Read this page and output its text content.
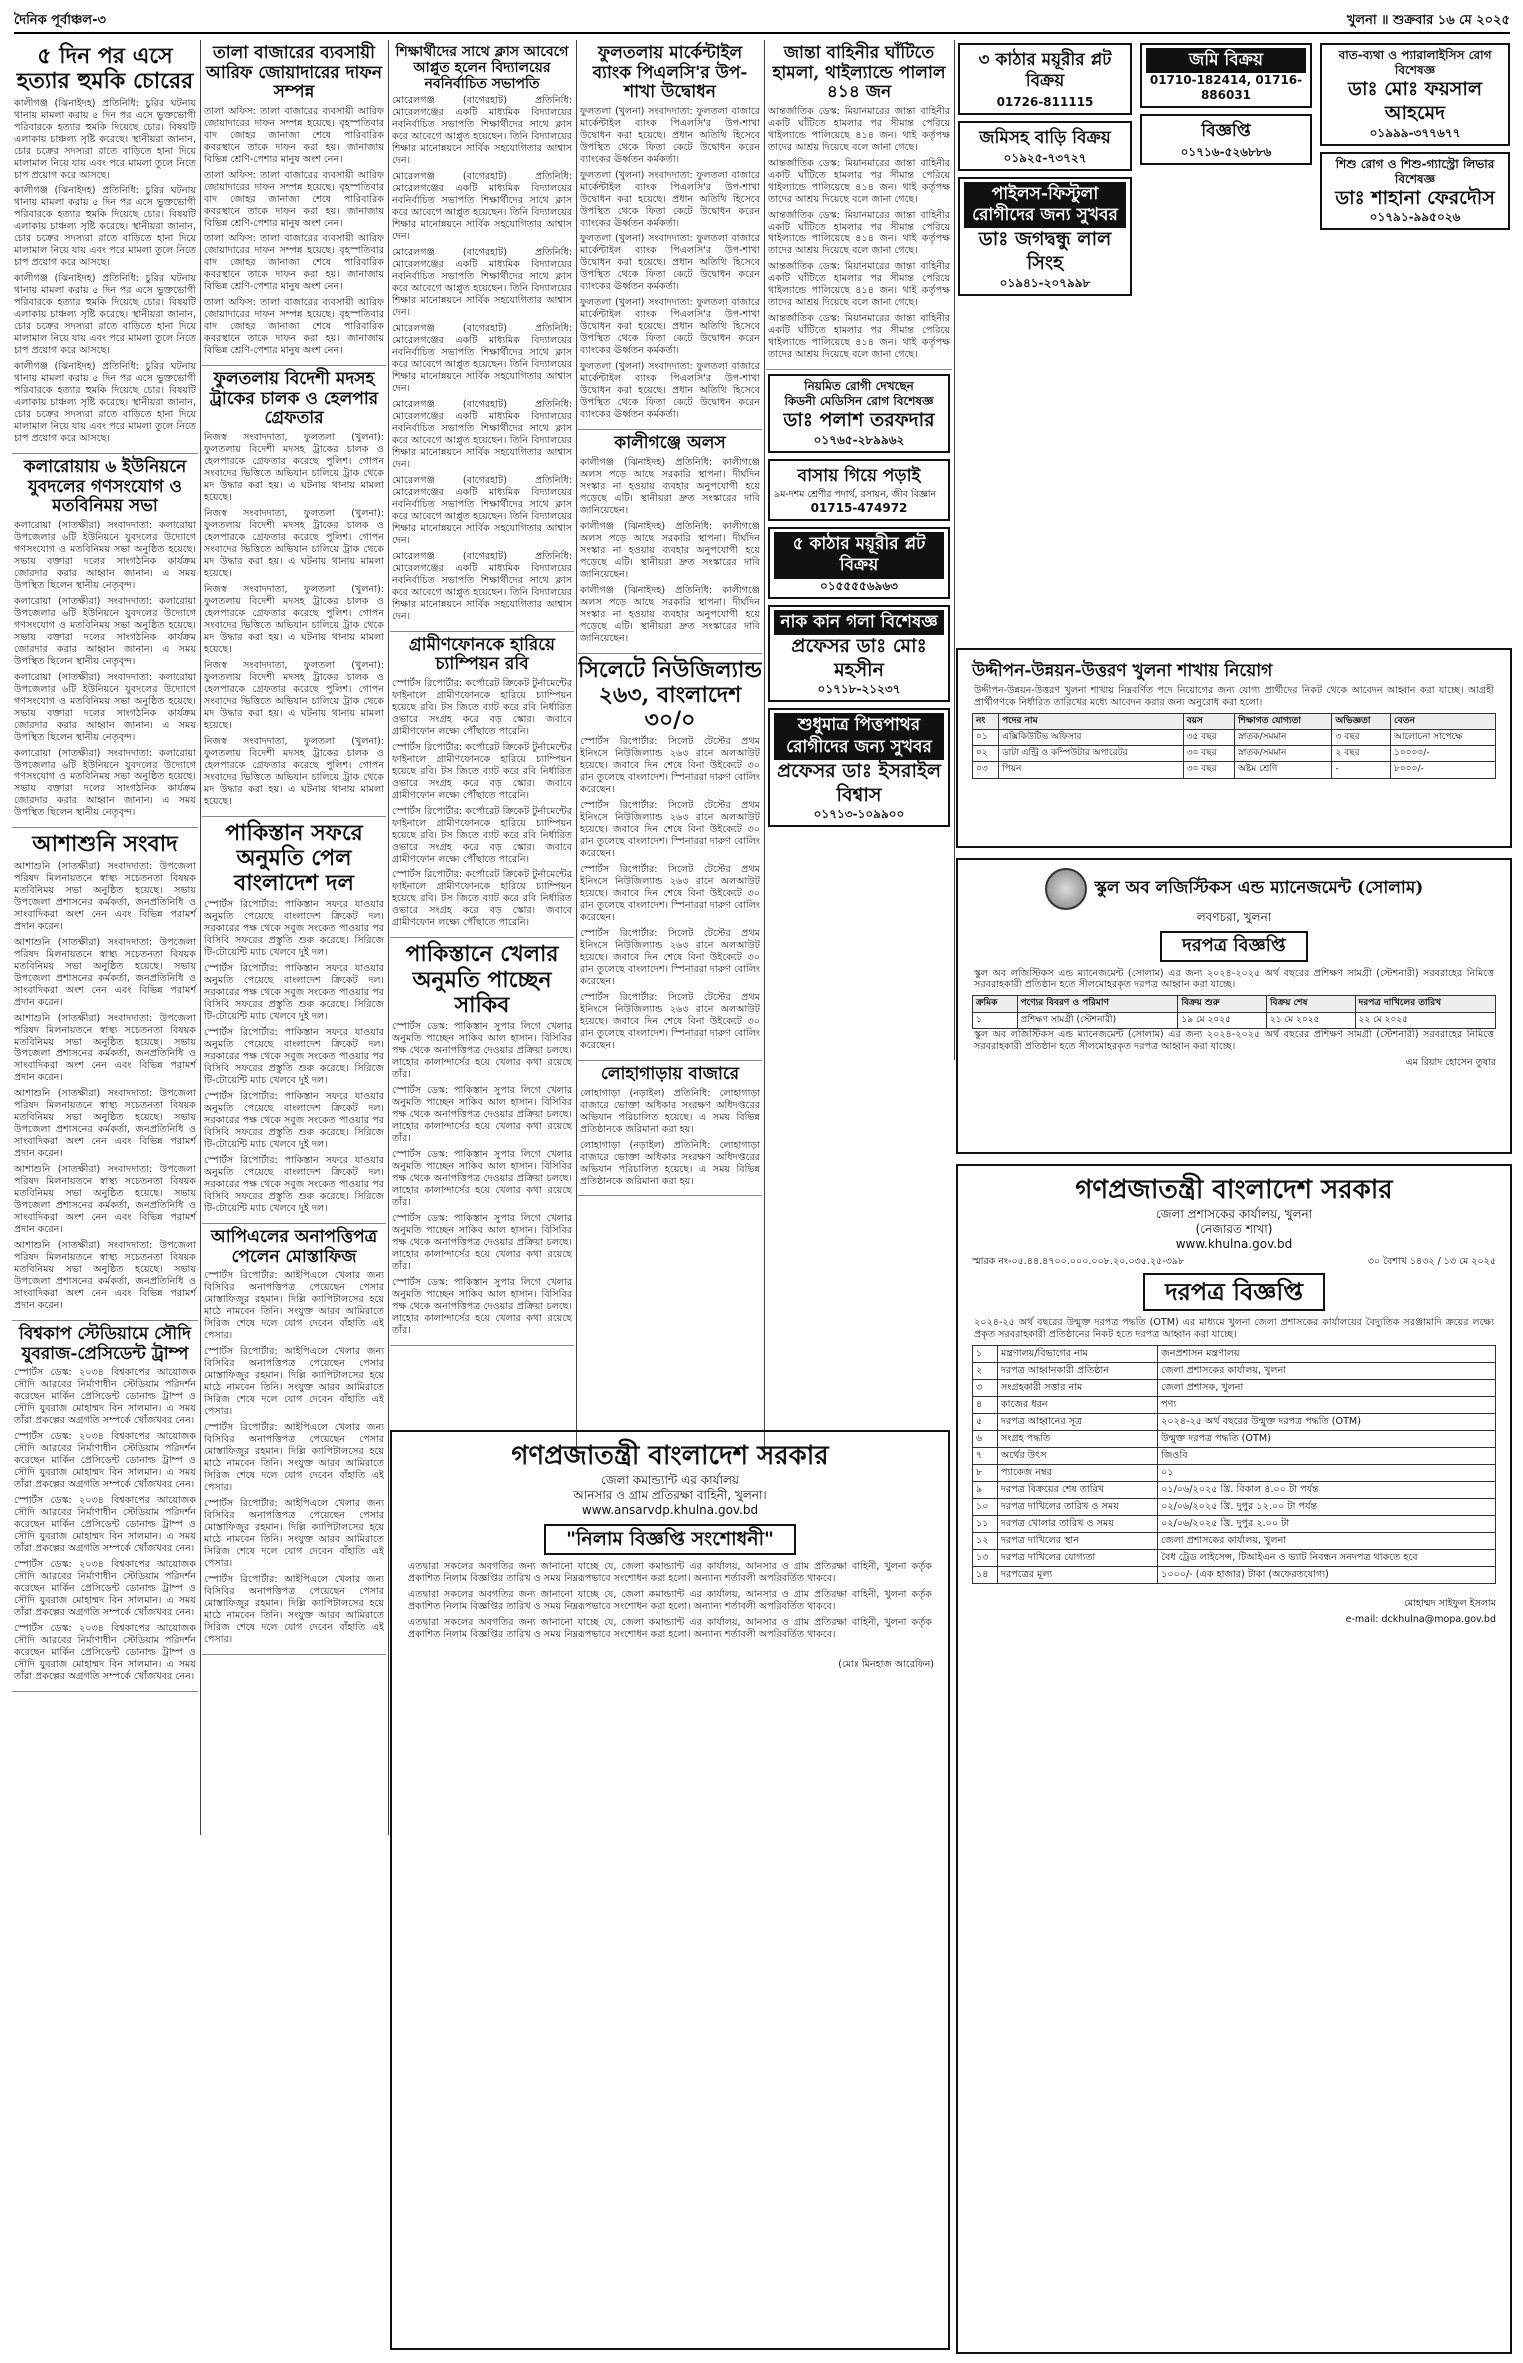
দৈনিক পূর্বাঞ্চল-৩	খুলনা ॥ শুক্রবার ১৬ মে ২০২৫
৫ দিন পর এসে হত্যার হুমকি চোরের

কালীগঞ্জ (ঝিনাইদহ) প্রতিনিধি: চুরির ঘটনায় থানায় মামলা করায় ৫ দিন পর এসে ভুক্তভোগী পরিবারকে হত্যার হুমকি দিয়েছে চোর। বিষয়টি এলাকায় চাঞ্চল্য সৃষ্টি করেছে। স্থানীয়রা জানান, চোর চক্রের সদস্যরা রাতে বাড়িতে হানা দিয়ে মালামাল নিয়ে যায় এবং পরে মামলা তুলে নিতে চাপ প্রয়োগ করে আসছে।

কালীগঞ্জ (ঝিনাইদহ) প্রতিনিধি: চুরির ঘটনায় থানায় মামলা করায় ৫ দিন পর এসে ভুক্তভোগী পরিবারকে হত্যার হুমকি দিয়েছে চোর। বিষয়টি এলাকায় চাঞ্চল্য সৃষ্টি করেছে। স্থানীয়রা জানান, চোর চক্রের সদস্যরা রাতে বাড়িতে হানা দিয়ে মালামাল নিয়ে যায় এবং পরে মামলা তুলে নিতে চাপ প্রয়োগ করে আসছে।

কালীগঞ্জ (ঝিনাইদহ) প্রতিনিধি: চুরির ঘটনায় থানায় মামলা করায় ৫ দিন পর এসে ভুক্তভোগী পরিবারকে হত্যার হুমকি দিয়েছে চোর। বিষয়টি এলাকায় চাঞ্চল্য সৃষ্টি করেছে। স্থানীয়রা জানান, চোর চক্রের সদস্যরা রাতে বাড়িতে হানা দিয়ে মালামাল নিয়ে যায় এবং পরে মামলা তুলে নিতে চাপ প্রয়োগ করে আসছে।

কালীগঞ্জ (ঝিনাইদহ) প্রতিনিধি: চুরির ঘটনায় থানায় মামলা করায় ৫ দিন পর এসে ভুক্তভোগী পরিবারকে হত্যার হুমকি দিয়েছে চোর। বিষয়টি এলাকায় চাঞ্চল্য সৃষ্টি করেছে। স্থানীয়রা জানান, চোর চক্রের সদস্যরা রাতে বাড়িতে হানা দিয়ে মালামাল নিয়ে যায় এবং পরে মামলা তুলে নিতে চাপ প্রয়োগ করে আসছে।

কলারোয়ায় ৬ ইউনিয়নে যুবদলের গণসংযোগ ও মতবিনিময় সভা

কলারোয়া (সাতক্ষীরা) সংবাদদাতা: কলারোয়া উপজেলার ৬টি ইউনিয়নে যুবদলের উদ্যোগে গণসংযোগ ও মতবিনিময় সভা অনুষ্ঠিত হয়েছে। সভায় বক্তারা দলের সাংগঠনিক কার্যক্রম জোরদার করার আহ্বান জানান। এ সময় উপস্থিত ছিলেন স্থানীয় নেতৃবৃন্দ।

কলারোয়া (সাতক্ষীরা) সংবাদদাতা: কলারোয়া উপজেলার ৬টি ইউনিয়নে যুবদলের উদ্যোগে গণসংযোগ ও মতবিনিময় সভা অনুষ্ঠিত হয়েছে। সভায় বক্তারা দলের সাংগঠনিক কার্যক্রম জোরদার করার আহ্বান জানান। এ সময় উপস্থিত ছিলেন স্থানীয় নেতৃবৃন্দ।

কলারোয়া (সাতক্ষীরা) সংবাদদাতা: কলারোয়া উপজেলার ৬টি ইউনিয়নে যুবদলের উদ্যোগে গণসংযোগ ও মতবিনিময় সভা অনুষ্ঠিত হয়েছে। সভায় বক্তারা দলের সাংগঠনিক কার্যক্রম জোরদার করার আহ্বান জানান। এ সময় উপস্থিত ছিলেন স্থানীয় নেতৃবৃন্দ।

কলারোয়া (সাতক্ষীরা) সংবাদদাতা: কলারোয়া উপজেলার ৬টি ইউনিয়নে যুবদলের উদ্যোগে গণসংযোগ ও মতবিনিময় সভা অনুষ্ঠিত হয়েছে। সভায় বক্তারা দলের সাংগঠনিক কার্যক্রম জোরদার করার আহ্বান জানান। এ সময় উপস্থিত ছিলেন স্থানীয় নেতৃবৃন্দ।

আশাশুনি সংবাদ

আশাশুনি (সাতক্ষীরা) সংবাদদাতা: উপজেলা পরিষদ মিলনায়তনে স্বাস্থ্য সচেতনতা বিষয়ক মতবিনিময় সভা অনুষ্ঠিত হয়েছে। সভায় উপজেলা প্রশাসনের কর্মকর্তা, জনপ্রতিনিধি ও সাংবাদিকরা অংশ নেন এবং বিভিন্ন পরামর্শ প্রদান করেন।

আশাশুনি (সাতক্ষীরা) সংবাদদাতা: উপজেলা পরিষদ মিলনায়তনে স্বাস্থ্য সচেতনতা বিষয়ক মতবিনিময় সভা অনুষ্ঠিত হয়েছে। সভায় উপজেলা প্রশাসনের কর্মকর্তা, জনপ্রতিনিধি ও সাংবাদিকরা অংশ নেন এবং বিভিন্ন পরামর্শ প্রদান করেন।

আশাশুনি (সাতক্ষীরা) সংবাদদাতা: উপজেলা পরিষদ মিলনায়তনে স্বাস্থ্য সচেতনতা বিষয়ক মতবিনিময় সভা অনুষ্ঠিত হয়েছে। সভায় উপজেলা প্রশাসনের কর্মকর্তা, জনপ্রতিনিধি ও সাংবাদিকরা অংশ নেন এবং বিভিন্ন পরামর্শ প্রদান করেন।

আশাশুনি (সাতক্ষীরা) সংবাদদাতা: উপজেলা পরিষদ মিলনায়তনে স্বাস্থ্য সচেতনতা বিষয়ক মতবিনিময় সভা অনুষ্ঠিত হয়েছে। সভায় উপজেলা প্রশাসনের কর্মকর্তা, জনপ্রতিনিধি ও সাংবাদিকরা অংশ নেন এবং বিভিন্ন পরামর্শ প্রদান করেন।

আশাশুনি (সাতক্ষীরা) সংবাদদাতা: উপজেলা পরিষদ মিলনায়তনে স্বাস্থ্য সচেতনতা বিষয়ক মতবিনিময় সভা অনুষ্ঠিত হয়েছে। সভায় উপজেলা প্রশাসনের কর্মকর্তা, জনপ্রতিনিধি ও সাংবাদিকরা অংশ নেন এবং বিভিন্ন পরামর্শ প্রদান করেন।

আশাশুনি (সাতক্ষীরা) সংবাদদাতা: উপজেলা পরিষদ মিলনায়তনে স্বাস্থ্য সচেতনতা বিষয়ক মতবিনিময় সভা অনুষ্ঠিত হয়েছে। সভায় উপজেলা প্রশাসনের কর্মকর্তা, জনপ্রতিনিধি ও সাংবাদিকরা অংশ নেন এবং বিভিন্ন পরামর্শ প্রদান করেন।

বিশ্বকাপ স্টেডিয়ামে সৌদি যুবরাজ-প্রেসিডেন্ট ট্রাম্প

স্পোর্টস ডেস্ক: ২০৩৪ বিশ্বকাপের আয়োজক সৌদি আরবের নির্মাণাধীন স্টেডিয়াম পরিদর্শন করেছেন মার্কিন প্রেসিডেন্ট ডোনাল্ড ট্রাম্প ও সৌদি যুবরাজ মোহাম্মদ বিন সালমান। এ সময় তাঁরা প্রকল্পের অগ্রগতি সম্পর্কে খোঁজখবর নেন।

স্পোর্টস ডেস্ক: ২০৩৪ বিশ্বকাপের আয়োজক সৌদি আরবের নির্মাণাধীন স্টেডিয়াম পরিদর্শন করেছেন মার্কিন প্রেসিডেন্ট ডোনাল্ড ট্রাম্প ও সৌদি যুবরাজ মোহাম্মদ বিন সালমান। এ সময় তাঁরা প্রকল্পের অগ্রগতি সম্পর্কে খোঁজখবর নেন।

স্পোর্টস ডেস্ক: ২০৩৪ বিশ্বকাপের আয়োজক সৌদি আরবের নির্মাণাধীন স্টেডিয়াম পরিদর্শন করেছেন মার্কিন প্রেসিডেন্ট ডোনাল্ড ট্রাম্প ও সৌদি যুবরাজ মোহাম্মদ বিন সালমান। এ সময় তাঁরা প্রকল্পের অগ্রগতি সম্পর্কে খোঁজখবর নেন।

স্পোর্টস ডেস্ক: ২০৩৪ বিশ্বকাপের আয়োজক সৌদি আরবের নির্মাণাধীন স্টেডিয়াম পরিদর্শন করেছেন মার্কিন প্রেসিডেন্ট ডোনাল্ড ট্রাম্প ও সৌদি যুবরাজ মোহাম্মদ বিন সালমান। এ সময় তাঁরা প্রকল্পের অগ্রগতি সম্পর্কে খোঁজখবর নেন।

স্পোর্টস ডেস্ক: ২০৩৪ বিশ্বকাপের আয়োজক সৌদি আরবের নির্মাণাধীন স্টেডিয়াম পরিদর্শন করেছেন মার্কিন প্রেসিডেন্ট ডোনাল্ড ট্রাম্প ও সৌদি যুবরাজ মোহাম্মদ বিন সালমান। এ সময় তাঁরা প্রকল্পের অগ্রগতি সম্পর্কে খোঁজখবর নেন।

তালা বাজারের ব্যবসায়ী আরিফ জোয়াদারের দাফন সম্পন্ন

তালা অফিস: তালা বাজারের ব্যবসায়ী আরিফ জোয়াদারের দাফন সম্পন্ন হয়েছে। বৃহস্পতিবার বাদ জোহর জানাজা শেষে পারিবারিক কবরস্থানে তাকে দাফন করা হয়। জানাজায় বিভিন্ন শ্রেণি-পেশার মানুষ অংশ নেন।

তালা অফিস: তালা বাজারের ব্যবসায়ী আরিফ জোয়াদারের দাফন সম্পন্ন হয়েছে। বৃহস্পতিবার বাদ জোহর জানাজা শেষে পারিবারিক কবরস্থানে তাকে দাফন করা হয়। জানাজায় বিভিন্ন শ্রেণি-পেশার মানুষ অংশ নেন।

তালা অফিস: তালা বাজারের ব্যবসায়ী আরিফ জোয়াদারের দাফন সম্পন্ন হয়েছে। বৃহস্পতিবার বাদ জোহর জানাজা শেষে পারিবারিক কবরস্থানে তাকে দাফন করা হয়। জানাজায় বিভিন্ন শ্রেণি-পেশার মানুষ অংশ নেন।

তালা অফিস: তালা বাজারের ব্যবসায়ী আরিফ জোয়াদারের দাফন সম্পন্ন হয়েছে। বৃহস্পতিবার বাদ জোহর জানাজা শেষে পারিবারিক কবরস্থানে তাকে দাফন করা হয়। জানাজায় বিভিন্ন শ্রেণি-পেশার মানুষ অংশ নেন।

ফুলতলায় বিদেশী মদসহ ট্রাকের চালক ও হেলপার গ্রেফতার

নিজস্ব সংবাদদাতা, ফুলতলা (খুলনা): ফুলতলায় বিদেশী মদসহ ট্রাকের চালক ও হেলপারকে গ্রেফতার করেছে পুলিশ। গোপন সংবাদের ভিত্তিতে অভিযান চালিয়ে ট্রাক থেকে মদ উদ্ধার করা হয়। এ ঘটনায় থানায় মামলা হয়েছে।

নিজস্ব সংবাদদাতা, ফুলতলা (খুলনা): ফুলতলায় বিদেশী মদসহ ট্রাকের চালক ও হেলপারকে গ্রেফতার করেছে পুলিশ। গোপন সংবাদের ভিত্তিতে অভিযান চালিয়ে ট্রাক থেকে মদ উদ্ধার করা হয়। এ ঘটনায় থানায় মামলা হয়েছে।

নিজস্ব সংবাদদাতা, ফুলতলা (খুলনা): ফুলতলায় বিদেশী মদসহ ট্রাকের চালক ও হেলপারকে গ্রেফতার করেছে পুলিশ। গোপন সংবাদের ভিত্তিতে অভিযান চালিয়ে ট্রাক থেকে মদ উদ্ধার করা হয়। এ ঘটনায় থানায় মামলা হয়েছে।

নিজস্ব সংবাদদাতা, ফুলতলা (খুলনা): ফুলতলায় বিদেশী মদসহ ট্রাকের চালক ও হেলপারকে গ্রেফতার করেছে পুলিশ। গোপন সংবাদের ভিত্তিতে অভিযান চালিয়ে ট্রাক থেকে মদ উদ্ধার করা হয়। এ ঘটনায় থানায় মামলা হয়েছে।

নিজস্ব সংবাদদাতা, ফুলতলা (খুলনা): ফুলতলায় বিদেশী মদসহ ট্রাকের চালক ও হেলপারকে গ্রেফতার করেছে পুলিশ। গোপন সংবাদের ভিত্তিতে অভিযান চালিয়ে ট্রাক থেকে মদ উদ্ধার করা হয়। এ ঘটনায় থানায় মামলা হয়েছে।

পাকিস্তান সফরে অনুমতি পেল বাংলাদেশ দল

স্পোর্টস রিপোর্টার: পাকিস্তান সফরে যাওয়ার অনুমতি পেয়েছে বাংলাদেশ ক্রিকেট দল। সরকারের পক্ষ থেকে সবুজ সংকেত পাওয়ার পর বিসিবি সফরের প্রস্তুতি শুরু করেছে। সিরিজে টি-টোয়েন্টি ম্যাচ খেলবে দুই দল।

স্পোর্টস রিপোর্টার: পাকিস্তান সফরে যাওয়ার অনুমতি পেয়েছে বাংলাদেশ ক্রিকেট দল। সরকারের পক্ষ থেকে সবুজ সংকেত পাওয়ার পর বিসিবি সফরের প্রস্তুতি শুরু করেছে। সিরিজে টি-টোয়েন্টি ম্যাচ খেলবে দুই দল।

স্পোর্টস রিপোর্টার: পাকিস্তান সফরে যাওয়ার অনুমতি পেয়েছে বাংলাদেশ ক্রিকেট দল। সরকারের পক্ষ থেকে সবুজ সংকেত পাওয়ার পর বিসিবি সফরের প্রস্তুতি শুরু করেছে। সিরিজে টি-টোয়েন্টি ম্যাচ খেলবে দুই দল।

স্পোর্টস রিপোর্টার: পাকিস্তান সফরে যাওয়ার অনুমতি পেয়েছে বাংলাদেশ ক্রিকেট দল। সরকারের পক্ষ থেকে সবুজ সংকেত পাওয়ার পর বিসিবি সফরের প্রস্তুতি শুরু করেছে। সিরিজে টি-টোয়েন্টি ম্যাচ খেলবে দুই দল।

স্পোর্টস রিপোর্টার: পাকিস্তান সফরে যাওয়ার অনুমতি পেয়েছে বাংলাদেশ ক্রিকেট দল। সরকারের পক্ষ থেকে সবুজ সংকেত পাওয়ার পর বিসিবি সফরের প্রস্তুতি শুরু করেছে। সিরিজে টি-টোয়েন্টি ম্যাচ খেলবে দুই দল।

আপিএলের অনাপত্তিপত্র পেলেন মোস্তাফিজ

স্পোর্টস রিপোর্টার: আইপিএলে খেলার জন্য বিসিবির অনাপত্তিপত্র পেয়েছেন পেসার মোস্তাফিজুর রহমান। দিল্লি ক্যাপিটালসের হয়ে মাঠে নামবেন তিনি। সংযুক্ত আরব আমিরাতে সিরিজ শেষে দলে যোগ দেবেন বাঁহাতি এই পেসার।

স্পোর্টস রিপোর্টার: আইপিএলে খেলার জন্য বিসিবির অনাপত্তিপত্র পেয়েছেন পেসার মোস্তাফিজুর রহমান। দিল্লি ক্যাপিটালসের হয়ে মাঠে নামবেন তিনি। সংযুক্ত আরব আমিরাতে সিরিজ শেষে দলে যোগ দেবেন বাঁহাতি এই পেসার।

স্পোর্টস রিপোর্টার: আইপিএলে খেলার জন্য বিসিবির অনাপত্তিপত্র পেয়েছেন পেসার মোস্তাফিজুর রহমান। দিল্লি ক্যাপিটালসের হয়ে মাঠে নামবেন তিনি। সংযুক্ত আরব আমিরাতে সিরিজ শেষে দলে যোগ দেবেন বাঁহাতি এই পেসার।

স্পোর্টস রিপোর্টার: আইপিএলে খেলার জন্য বিসিবির অনাপত্তিপত্র পেয়েছেন পেসার মোস্তাফিজুর রহমান। দিল্লি ক্যাপিটালসের হয়ে মাঠে নামবেন তিনি। সংযুক্ত আরব আমিরাতে সিরিজ শেষে দলে যোগ দেবেন বাঁহাতি এই পেসার।

স্পোর্টস রিপোর্টার: আইপিএলে খেলার জন্য বিসিবির অনাপত্তিপত্র পেয়েছেন পেসার মোস্তাফিজুর রহমান। দিল্লি ক্যাপিটালসের হয়ে মাঠে নামবেন তিনি। সংযুক্ত আরব আমিরাতে সিরিজ শেষে দলে যোগ দেবেন বাঁহাতি এই পেসার।

শিক্ষার্থীদের সাথে ক্লাস আবেগে আপ্লুত হলেন বিদ্যালয়ের নবনির্বাচিত সভাপতি

মোরেলগঞ্জ (বাগেরহাট) প্রতিনিধি: মোরেলগঞ্জের একটি মাধ্যমিক বিদ্যালয়ের নবনির্বাচিত সভাপতি শিক্ষার্থীদের সাথে ক্লাস করে আবেগে আপ্লুত হয়েছেন। তিনি বিদ্যালয়ের শিক্ষার মানোন্নয়নে সার্বিক সহযোগিতার আশ্বাস দেন।

মোরেলগঞ্জ (বাগেরহাট) প্রতিনিধি: মোরেলগঞ্জের একটি মাধ্যমিক বিদ্যালয়ের নবনির্বাচিত সভাপতি শিক্ষার্থীদের সাথে ক্লাস করে আবেগে আপ্লুত হয়েছেন। তিনি বিদ্যালয়ের শিক্ষার মানোন্নয়নে সার্বিক সহযোগিতার আশ্বাস দেন।

মোরেলগঞ্জ (বাগেরহাট) প্রতিনিধি: মোরেলগঞ্জের একটি মাধ্যমিক বিদ্যালয়ের নবনির্বাচিত সভাপতি শিক্ষার্থীদের সাথে ক্লাস করে আবেগে আপ্লুত হয়েছেন। তিনি বিদ্যালয়ের শিক্ষার মানোন্নয়নে সার্বিক সহযোগিতার আশ্বাস দেন।

মোরেলগঞ্জ (বাগেরহাট) প্রতিনিধি: মোরেলগঞ্জের একটি মাধ্যমিক বিদ্যালয়ের নবনির্বাচিত সভাপতি শিক্ষার্থীদের সাথে ক্লাস করে আবেগে আপ্লুত হয়েছেন। তিনি বিদ্যালয়ের শিক্ষার মানোন্নয়নে সার্বিক সহযোগিতার আশ্বাস দেন।

মোরেলগঞ্জ (বাগেরহাট) প্রতিনিধি: মোরেলগঞ্জের একটি মাধ্যমিক বিদ্যালয়ের নবনির্বাচিত সভাপতি শিক্ষার্থীদের সাথে ক্লাস করে আবেগে আপ্লুত হয়েছেন। তিনি বিদ্যালয়ের শিক্ষার মানোন্নয়নে সার্বিক সহযোগিতার আশ্বাস দেন।

মোরেলগঞ্জ (বাগেরহাট) প্রতিনিধি: মোরেলগঞ্জের একটি মাধ্যমিক বিদ্যালয়ের নবনির্বাচিত সভাপতি শিক্ষার্থীদের সাথে ক্লাস করে আবেগে আপ্লুত হয়েছেন। তিনি বিদ্যালয়ের শিক্ষার মানোন্নয়নে সার্বিক সহযোগিতার আশ্বাস দেন।

মোরেলগঞ্জ (বাগেরহাট) প্রতিনিধি: মোরেলগঞ্জের একটি মাধ্যমিক বিদ্যালয়ের নবনির্বাচিত সভাপতি শিক্ষার্থীদের সাথে ক্লাস করে আবেগে আপ্লুত হয়েছেন। তিনি বিদ্যালয়ের শিক্ষার মানোন্নয়নে সার্বিক সহযোগিতার আশ্বাস দেন।

গ্রামীণফোনকে হারিয়ে চ্যাম্পিয়ন রবি

স্পোর্টস রিপোর্টার: কর্পোরেট ক্রিকেট টুর্নামেন্টের ফাইনালে গ্রামীণফোনকে হারিয়ে চ্যাম্পিয়ন হয়েছে রবি। টস জিতে ব্যাট করে রবি নির্ধারিত ওভারে সংগ্রহ করে বড় স্কোর। জবাবে গ্রামীণফোন লক্ষ্যে পৌঁছাতে পারেনি।

স্পোর্টস রিপোর্টার: কর্পোরেট ক্রিকেট টুর্নামেন্টের ফাইনালে গ্রামীণফোনকে হারিয়ে চ্যাম্পিয়ন হয়েছে রবি। টস জিতে ব্যাট করে রবি নির্ধারিত ওভারে সংগ্রহ করে বড় স্কোর। জবাবে গ্রামীণফোন লক্ষ্যে পৌঁছাতে পারেনি।

স্পোর্টস রিপোর্টার: কর্পোরেট ক্রিকেট টুর্নামেন্টের ফাইনালে গ্রামীণফোনকে হারিয়ে চ্যাম্পিয়ন হয়েছে রবি। টস জিতে ব্যাট করে রবি নির্ধারিত ওভারে সংগ্রহ করে বড় স্কোর। জবাবে গ্রামীণফোন লক্ষ্যে পৌঁছাতে পারেনি।

স্পোর্টস রিপোর্টার: কর্পোরেট ক্রিকেট টুর্নামেন্টের ফাইনালে গ্রামীণফোনকে হারিয়ে চ্যাম্পিয়ন হয়েছে রবি। টস জিতে ব্যাট করে রবি নির্ধারিত ওভারে সংগ্রহ করে বড় স্কোর। জবাবে গ্রামীণফোন লক্ষ্যে পৌঁছাতে পারেনি।

পাকিস্তানে খেলার অনুমতি পাচ্ছেন সাকিব

স্পোর্টস ডেস্ক: পাকিস্তান সুপার লিগে খেলার অনুমতি পাচ্ছেন সাকিব আল হাসান। বিসিবির পক্ষ থেকে অনাপত্তিপত্র দেওয়ার প্রক্রিয়া চলছে। লাহোর কালান্দার্সের হয়ে খেলার কথা রয়েছে তাঁর।

স্পোর্টস ডেস্ক: পাকিস্তান সুপার লিগে খেলার অনুমতি পাচ্ছেন সাকিব আল হাসান। বিসিবির পক্ষ থেকে অনাপত্তিপত্র দেওয়ার প্রক্রিয়া চলছে। লাহোর কালান্দার্সের হয়ে খেলার কথা রয়েছে তাঁর।

স্পোর্টস ডেস্ক: পাকিস্তান সুপার লিগে খেলার অনুমতি পাচ্ছেন সাকিব আল হাসান। বিসিবির পক্ষ থেকে অনাপত্তিপত্র দেওয়ার প্রক্রিয়া চলছে। লাহোর কালান্দার্সের হয়ে খেলার কথা রয়েছে তাঁর।

স্পোর্টস ডেস্ক: পাকিস্তান সুপার লিগে খেলার অনুমতি পাচ্ছেন সাকিব আল হাসান। বিসিবির পক্ষ থেকে অনাপত্তিপত্র দেওয়ার প্রক্রিয়া চলছে। লাহোর কালান্দার্সের হয়ে খেলার কথা রয়েছে তাঁর।

স্পোর্টস ডেস্ক: পাকিস্তান সুপার লিগে খেলার অনুমতি পাচ্ছেন সাকিব আল হাসান। বিসিবির পক্ষ থেকে অনাপত্তিপত্র দেওয়ার প্রক্রিয়া চলছে। লাহোর কালান্দার্সের হয়ে খেলার কথা রয়েছে তাঁর।

ফুলতলায় মার্কেন্টাইল ব্যাংক পিএলসি'র উপ-শাখা উদ্বোধন

ফুলতলা (খুলনা) সংবাদদাতা: ফুলতলা বাজারে মার্কেন্টাইল ব্যাংক পিএলসি'র উপ-শাখা উদ্বোধন করা হয়েছে। প্রধান অতিথি হিসেবে উপস্থিত থেকে ফিতা কেটে উদ্বোধন করেন ব্যাংকের ঊর্ধ্বতন কর্মকর্তা।

ফুলতলা (খুলনা) সংবাদদাতা: ফুলতলা বাজারে মার্কেন্টাইল ব্যাংক পিএলসি'র উপ-শাখা উদ্বোধন করা হয়েছে। প্রধান অতিথি হিসেবে উপস্থিত থেকে ফিতা কেটে উদ্বোধন করেন ব্যাংকের ঊর্ধ্বতন কর্মকর্তা।

ফুলতলা (খুলনা) সংবাদদাতা: ফুলতলা বাজারে মার্কেন্টাইল ব্যাংক পিএলসি'র উপ-শাখা উদ্বোধন করা হয়েছে। প্রধান অতিথি হিসেবে উপস্থিত থেকে ফিতা কেটে উদ্বোধন করেন ব্যাংকের ঊর্ধ্বতন কর্মকর্তা।

ফুলতলা (খুলনা) সংবাদদাতা: ফুলতলা বাজারে মার্কেন্টাইল ব্যাংক পিএলসি'র উপ-শাখা উদ্বোধন করা হয়েছে। প্রধান অতিথি হিসেবে উপস্থিত থেকে ফিতা কেটে উদ্বোধন করেন ব্যাংকের ঊর্ধ্বতন কর্মকর্তা।

ফুলতলা (খুলনা) সংবাদদাতা: ফুলতলা বাজারে মার্কেন্টাইল ব্যাংক পিএলসি'র উপ-শাখা উদ্বোধন করা হয়েছে। প্রধান অতিথি হিসেবে উপস্থিত থেকে ফিতা কেটে উদ্বোধন করেন ব্যাংকের ঊর্ধ্বতন কর্মকর্তা।

কালীগঞ্জে অলস

কালীগঞ্জ (ঝিনাইদহ) প্রতিনিধি: কালীগঞ্জে অলস পড়ে আছে সরকারি স্থাপনা। দীর্ঘদিন সংস্কার না হওয়ায় ব্যবহার অনুপযোগী হয়ে পড়েছে এটি। স্থানীয়রা দ্রুত সংস্কারের দাবি জানিয়েছেন।

কালীগঞ্জ (ঝিনাইদহ) প্রতিনিধি: কালীগঞ্জে অলস পড়ে আছে সরকারি স্থাপনা। দীর্ঘদিন সংস্কার না হওয়ায় ব্যবহার অনুপযোগী হয়ে পড়েছে এটি। স্থানীয়রা দ্রুত সংস্কারের দাবি জানিয়েছেন।

কালীগঞ্জ (ঝিনাইদহ) প্রতিনিধি: কালীগঞ্জে অলস পড়ে আছে সরকারি স্থাপনা। দীর্ঘদিন সংস্কার না হওয়ায় ব্যবহার অনুপযোগী হয়ে পড়েছে এটি। স্থানীয়রা দ্রুত সংস্কারের দাবি জানিয়েছেন।

সিলেটে নিউজিল্যান্ড ২৬৩, বাংলাদেশ ৩০/০

স্পোর্টস রিপোর্টার: সিলেট টেস্টের প্রথম ইনিংসে নিউজিল্যান্ড ২৬৩ রানে অলআউট হয়েছে। জবাবে দিন শেষে বিনা উইকেটে ৩০ রান তুলেছে বাংলাদেশ। স্পিনাররা দারুণ বোলিং করেছেন।

স্পোর্টস রিপোর্টার: সিলেট টেস্টের প্রথম ইনিংসে নিউজিল্যান্ড ২৬৩ রানে অলআউট হয়েছে। জবাবে দিন শেষে বিনা উইকেটে ৩০ রান তুলেছে বাংলাদেশ। স্পিনাররা দারুণ বোলিং করেছেন।

স্পোর্টস রিপোর্টার: সিলেট টেস্টের প্রথম ইনিংসে নিউজিল্যান্ড ২৬৩ রানে অলআউট হয়েছে। জবাবে দিন শেষে বিনা উইকেটে ৩০ রান তুলেছে বাংলাদেশ। স্পিনাররা দারুণ বোলিং করেছেন।

স্পোর্টস রিপোর্টার: সিলেট টেস্টের প্রথম ইনিংসে নিউজিল্যান্ড ২৬৩ রানে অলআউট হয়েছে। জবাবে দিন শেষে বিনা উইকেটে ৩০ রান তুলেছে বাংলাদেশ। স্পিনাররা দারুণ বোলিং করেছেন।

স্পোর্টস রিপোর্টার: সিলেট টেস্টের প্রথম ইনিংসে নিউজিল্যান্ড ২৬৩ রানে অলআউট হয়েছে। জবাবে দিন শেষে বিনা উইকেটে ৩০ রান তুলেছে বাংলাদেশ। স্পিনাররা দারুণ বোলিং করেছেন।

লোহাগাড়ায় বাজারে

লোহাগাড়া (নড়াইল) প্রতিনিধি: লোহাগাড়া বাজারে ভোক্তা অধিকার সংরক্ষণ অধিদপ্তরের অভিযান পরিচালিত হয়েছে। এ সময় বিভিন্ন প্রতিষ্ঠানকে জরিমানা করা হয়।

লোহাগাড়া (নড়াইল) প্রতিনিধি: লোহাগাড়া বাজারে ভোক্তা অধিকার সংরক্ষণ অধিদপ্তরের অভিযান পরিচালিত হয়েছে। এ সময় বিভিন্ন প্রতিষ্ঠানকে জরিমানা করা হয়।

জান্তা বাহিনীর ঘাঁটিতে হামলা, থাইল্যান্ডে পালাল ৪১৪ জন

আন্তর্জাতিক ডেস্ক: মিয়ানমারের জান্তা বাহিনীর একটি ঘাঁটিতে হামলার পর সীমান্ত পেরিয়ে থাইল্যান্ডে পালিয়েছে ৪১৪ জন। থাই কর্তৃপক্ষ তাদের আশ্রয় দিয়েছে বলে জানা গেছে।

আন্তর্জাতিক ডেস্ক: মিয়ানমারের জান্তা বাহিনীর একটি ঘাঁটিতে হামলার পর সীমান্ত পেরিয়ে থাইল্যান্ডে পালিয়েছে ৪১৪ জন। থাই কর্তৃপক্ষ তাদের আশ্রয় দিয়েছে বলে জানা গেছে।

আন্তর্জাতিক ডেস্ক: মিয়ানমারের জান্তা বাহিনীর একটি ঘাঁটিতে হামলার পর সীমান্ত পেরিয়ে থাইল্যান্ডে পালিয়েছে ৪১৪ জন। থাই কর্তৃপক্ষ তাদের আশ্রয় দিয়েছে বলে জানা গেছে।

আন্তর্জাতিক ডেস্ক: মিয়ানমারের জান্তা বাহিনীর একটি ঘাঁটিতে হামলার পর সীমান্ত পেরিয়ে থাইল্যান্ডে পালিয়েছে ৪১৪ জন। থাই কর্তৃপক্ষ তাদের আশ্রয় দিয়েছে বলে জানা গেছে।

আন্তর্জাতিক ডেস্ক: মিয়ানমারের জান্তা বাহিনীর একটি ঘাঁটিতে হামলার পর সীমান্ত পেরিয়ে থাইল্যান্ডে পালিয়েছে ৪১৪ জন। থাই কর্তৃপক্ষ তাদের আশ্রয় দিয়েছে বলে জানা গেছে।

নিয়মিত রোগী দেখছেন
কিডনী মেডিসিন রোগ বিশেষজ্ঞ
ডাঃ পলাশ তরফদার
০১৭৬৫-২৮৯৯৬২
বাসায় গিয়ে পড়াই
৯ম-দশম শ্রেণীর পদার্থ, রসায়ন, জীব বিজ্ঞান
01715-474972
৫ কাঠার ময়ূরীর প্লট বিক্রয়
০১৫৫৫৫৬৯৬৩
নাক কান গলা বিশেষজ্ঞ
প্রফেসর ডাঃ মোঃ মহসীন
০১৭১৮-২১২৩৭
শুধুমাত্র পিত্তপাথর রোগীদের জন্য সুখবর
প্রফেসর ডাঃ ইসরাইল বিশ্বাস
০১৭১৩-১০৯৯০০
৩ কাঠার ময়ূরীর প্লট বিক্রয়
01726-811115
জমিসহ বাড়ি বিক্রয়
০১৯২৫-৭৩৭২৭
পাইলস-ফিস্টুলা রোগীদের জন্য সুখবর
ডাঃ জগদ্বন্ধু লাল সিংহ
০১৯৪১-২০৭৯৯৮
জমি বিক্রয়
01710-182414, 01716-886031
বিজ্ঞপ্তি
০১৭১৬-৫২৬৮৮৬
বাত-ব্যথা ও প্যারালাইসিস রোগ বিশেষজ্ঞ
ডাঃ মোঃ ফয়সাল আহমেদ
০১৯৯৯-৩৭৭৬৭৭
শিশু রোগ ও শিশু-গ্যাস্ট্রো লিভার বিশেষজ্ঞ
ডাঃ শাহানা ফেরদৌস
০১৭৯১-৯৯৫০২৬
উদ্দীপন-উন্নয়ন-উত্তরণ খুলনা শাখায় নিয়োগ

উদ্দীপন-উন্নয়ন-উত্তরণ খুলনা শাখায় নিম্নবর্ণিত পদে নিয়োগের জন্য যোগ্য প্রার্থীদের নিকট থেকে আবেদন আহ্বান করা যাচ্ছে। আগ্রহী প্রার্থীগণকে নির্ধারিত তারিখের মধ্যে আবেদন করার জন্য অনুরোধ করা হলো।

নং	পদের নাম	বয়স	শিক্ষাগত যোগ্যতা	অভিজ্ঞতা	বেতন
০১	এক্সিকিউটিভ অফিসার	৩৫ বছর	স্নাতক/সমমান	৩ বছর	আলোচনা সাপেক্ষে
০২	ডাটা এন্ট্রি ও কম্পিউটার অপারেটর	৩০ বছর	স্নাতক/সমমান	২ বছর	১০০০০/-
০৩	পিয়ন	৩০ বছর	অষ্টম শ্রেণি	-	৮০০০/-
স্কুল অব লজিস্টিকস এন্ড ম্যানেজমেন্ট (সোলাম)
লবণচরা, খুলনা
দরপত্র বিজ্ঞপ্তি

স্কুল অব লজিস্টিকস এন্ড ম্যানেজমেন্ট (সোলাম) এর জন্য ২০২৪-২০২৫ অর্থ বছরের প্রশিক্ষণ সামগ্রী (স্টেশনারী) সরবরাহের নিমিত্তে সরবরাহকারী প্রতিষ্ঠান হতে সীলমোহরকৃত দরপত্র আহ্বান করা যাচ্ছে।

ক্রমিক	পণ্যের বিবরণ ও পরিমাণ	বিক্রয় শুরু	বিক্রয় শেষ	দরপত্র দাখিলের তারিখ
১	প্রশিক্ষণ সামগ্রী (স্টেশনারী)	১৯ মে ২০২৫	২১ মে ২০২৫	২২ মে ২০২৫

স্কুল অব লজিস্টিকস এন্ড ম্যানেজমেন্ট (সোলাম) এর জন্য ২০২৪-২০২৫ অর্থ বছরের প্রশিক্ষণ সামগ্রী (স্টেশনারী) সরবরাহের নিমিত্তে সরবরাহকারী প্রতিষ্ঠান হতে সীলমোহরকৃত দরপত্র আহ্বান করা যাচ্ছে।

এম রিয়াদ হোসেন তুষার
গণপ্রজাতন্ত্রী বাংলাদেশ সরকার
জেলা প্রশাসকের কার্যালয়, খুলনা
(নেজারত শাখা)
www.khulna.gov.bd
স্মারক নং-০৫.৪৪.৪৭০০.০০০.০০৮.২০.০৩৫.২৫-৩৯৮	৩০ বৈশাখ ১৪৩২ / ১৩ মে ২০২৫
দরপত্র বিজ্ঞপ্তি

২০২৪-২৫ অর্থ বছরের উন্মুক্ত দরপত্র পদ্ধতি (OTM) এর মাধ্যমে খুলনা জেলা প্রশাসকের কার্যালয়ের বৈদ্যুতিক সরঞ্জামাদি ক্রয়ের লক্ষ্যে প্রকৃত সরবরাহকারী প্রতিষ্ঠানের নিকট হতে দরপত্র আহ্বান করা যাচ্ছে।

১	মন্ত্রণালয়/বিভাগের নাম	জনপ্রশাসন মন্ত্রণালয়
২	দরপত্র আহ্বানকারী প্রতিষ্ঠান	জেলা প্রশাসকের কার্যালয়, খুলনা
৩	সংগ্রহকারী সত্তার নাম	জেলা প্রশাসক, খুলনা
৪	কাজের ধরন	পণ্য
৫	দরপত্র আহ্বানের সূত্র	২০২৪-২৫ অর্থ বছরের উন্মুক্ত দরপত্র পদ্ধতি (OTM)
৬	সংগ্রহ পদ্ধতি	উন্মুক্ত দরপত্র পদ্ধতি (OTM)
৭	অর্থের উৎস	জিওবি
৮	প্যাকেজ নম্বর	০১
৯	দরপত্র বিক্রয়ের শেষ তারিখ	০১/০৬/২০২৫ খ্রি. বিকাল ৪.০০ টা পর্যন্ত
১০	দরপত্র দাখিলের তারিখ ও সময়	০২/০৬/২০২৫ খ্রি. দুপুর ১২.০০ টা পর্যন্ত
১১	দরপত্র খোলার তারিখ ও সময়	০২/০৬/২০২৫ খ্রি. দুপুর ২.০০ টা
১২	দরপত্র দাখিলের স্থান	জেলা প্রশাসকের কার্যালয়, খুলনা
১৩	দরপত্র দাখিলের যোগ্যতা	বৈধ ট্রেড লাইসেন্স, টিআইএন ও ভ্যাট নিবন্ধন সনদপত্র থাকতে হবে
১৪	দরপত্রের মূল্য	১০০০/- (এক হাজার) টাকা (অফেরতযোগ্য)
মোহাম্মদ সাইফুল ইসলাম
e-mail: dckhulna@mopa.gov.bd
গণপ্রজাতন্ত্রী বাংলাদেশ সরকার
জেলা কমান্ড্যান্ট এর কার্যালয়
আনসার ও গ্রাম প্রতিরক্ষা বাহিনী, খুলনা।
www.ansarvdp.khulna.gov.bd
"নিলাম বিজ্ঞপ্তি সংশোধনী"

এতদ্বারা সকলের অবগতির জন্য জানানো যাচ্ছে যে, জেলা কমান্ড্যান্ট এর কার্যালয়, আনসার ও গ্রাম প্রতিরক্ষা বাহিনী, খুলনা কর্তৃক প্রকাশিত নিলাম বিজ্ঞপ্তির তারিখ ও সময় নিম্নরূপভাবে সংশোধন করা হলো। অন্যান্য শর্তাবলী অপরিবর্তিত থাকবে।

এতদ্বারা সকলের অবগতির জন্য জানানো যাচ্ছে যে, জেলা কমান্ড্যান্ট এর কার্যালয়, আনসার ও গ্রাম প্রতিরক্ষা বাহিনী, খুলনা কর্তৃক প্রকাশিত নিলাম বিজ্ঞপ্তির তারিখ ও সময় নিম্নরূপভাবে সংশোধন করা হলো। অন্যান্য শর্তাবলী অপরিবর্তিত থাকবে।

এতদ্বারা সকলের অবগতির জন্য জানানো যাচ্ছে যে, জেলা কমান্ড্যান্ট এর কার্যালয়, আনসার ও গ্রাম প্রতিরক্ষা বাহিনী, খুলনা কর্তৃক প্রকাশিত নিলাম বিজ্ঞপ্তির তারিখ ও সময় নিম্নরূপভাবে সংশোধন করা হলো। অন্যান্য শর্তাবলী অপরিবর্তিত থাকবে।

(মোঃ মিনহাজ আরেফিন)
